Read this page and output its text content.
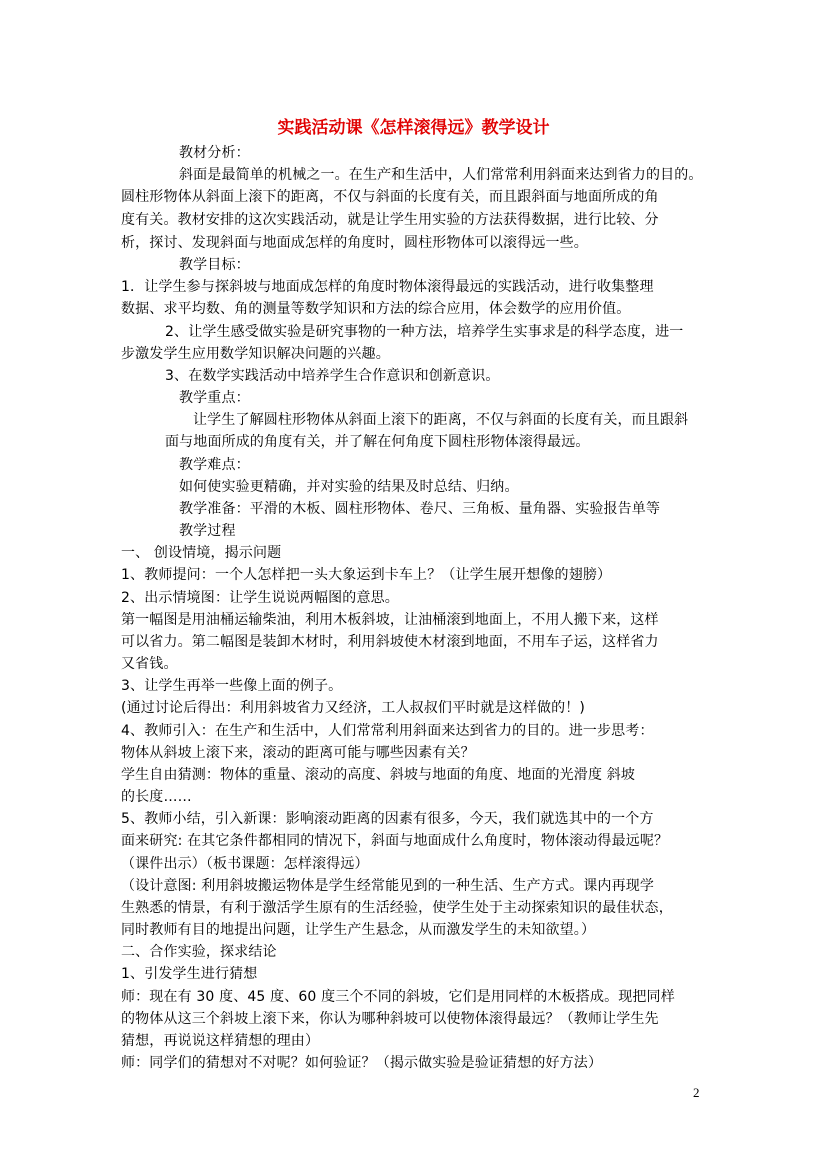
实践活动课《怎样滚得远》教学设计
教材分析：
斜面是最简单的机械之一。在生产和生活中，人们常常利用斜面来达到省力的目的。
圆柱形物体从斜面上滚下的距离，不仅与斜面的长度有关，而且跟斜面与地面所成的角
度有关。教材安排的这次实践活动，就是让学生用实验的方法获得数据，进行比较、分
析，探讨、发现斜面与地面成怎样的角度时，圆柱形物体可以滚得远一些。
教学目标：
1．让学生参与探斜坡与地面成怎样的角度时物体滚得最远的实践活动，进行收集整理
数据、求平均数、角的测量等数学知识和方法的综合应用，体会数学的应用价值。
2、让学生感受做实验是研究事物的一种方法，培养学生实事求是的科学态度，进一
步激发学生应用数学知识解决问题的兴趣。
3、在数学实践活动中培养学生合作意识和创新意识。
教学重点：
让学生了解圆柱形物体从斜面上滚下的距离，不仅与斜面的长度有关，而且跟斜
面与地面所成的角度有关，并了解在何角度下圆柱形物体滚得最远。
教学难点：
如何使实验更精确，并对实验的结果及时总结、归纳。
教学准备：平滑的木板、圆柱形物体、卷尺、三角板、量角器、实验报告单等
教学过程
一、 创设情境，揭示问题
1、教师提问：一个人怎样把一头大象运到卡车上？（让学生展开想像的翅膀）
2、出示情境图：让学生说说两幅图的意思。
第一幅图是用油桶运输柴油，利用木板斜坡，让油桶滚到地面上，不用人搬下来，这样
可以省力。第二幅图是装卸木材时，利用斜坡使木材滚到地面，不用车子运，这样省力
又省钱。
3、让学生再举一些像上面的例子。
(通过讨论后得出：利用斜坡省力又经济，工人叔叔们平时就是这样做的！)
4、教师引入：在生产和生活中，人们常常利用斜面来达到省力的目的。进一步思考：
物体从斜坡上滚下来，滚动的距离可能与哪些因素有关？
学生自由猜测：物体的重量、滚动的高度、斜坡与地面的角度、地面的光滑度 斜坡
的长度……
5、教师小结，引入新课：影响滚动距离的因素有很多，今天，我们就选其中的一个方
面来研究: 在其它条件都相同的情况下，斜面与地面成什么角度时，物体滚动得最远呢？
（课件出示）（板书课题：怎样滚得远）
（设计意图: 利用斜坡搬运物体是学生经常能见到的一种生活、生产方式。课内再现学
生熟悉的情景，有利于激活学生原有的生活经验，使学生处于主动探索知识的最佳状态，
同时教师有目的地提出问题，让学生产生悬念，从而激发学生的未知欲望。）
二、合作实验，探求结论
1、引发学生进行猜想
师：现在有 30 度、45 度、60 度三个不同的斜坡，它们是用同样的木板搭成。现把同样
的物体从这三个斜坡上滚下来，你认为哪种斜坡可以使物体滚得最远？（教师让学生先
猜想，再说说这样猜想的理由）
师：同学们的猜想对不对呢？如何验证？（揭示做实验是验证猜想的好方法）
2
